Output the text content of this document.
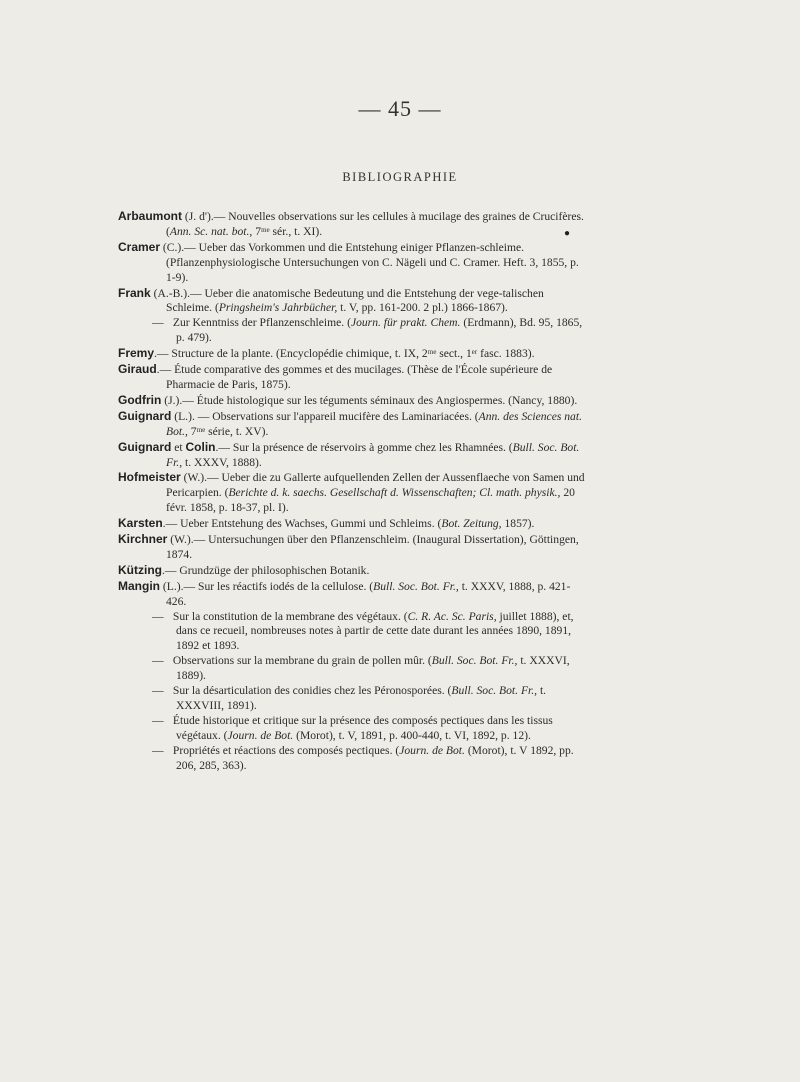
— 45 —
BIBLIOGRAPHIE
●

Arbaumont (J. d').— Nouvelles observations sur les cellules à mucilage des graines de Crucifères. (Ann. Sc. nat. bot., 7ᵐᵉ sér., t. XI).

Cramer (C.).— Ueber das Vorkommen und die Entstehung einiger Pflanzen-schleime. (Pflanzenphysiologische Untersuchungen von C. Nägeli und C. Cramer. Heft. 3, 1855, p. 1-9).

Frank (A.-B.).— Ueber die anatomische Bedeutung und die Entstehung der vege-talischen Schleime. (Pringsheim's Jahrbücher, t. V, pp. 161-200. 2 pl.) 1866-1867).

— Zur Kenntniss der Pflanzenschleime. (Journ. für prakt. Chem. (Erdmann), Bd. 95, 1865, p. 479).

Fremy.— Structure de la plante. (Encyclopédie chimique, t. IX, 2ᵐᵉ sect., 1ᵉʳ fasc. 1883).

Giraud.— Étude comparative des gommes et des mucilages. (Thèse de l'École supérieure de Pharmacie de Paris, 1875).

Godfrin (J.).— Étude histologique sur les téguments séminaux des Angiospermes. (Nancy, 1880).

Guignard (L.). — Observations sur l'appareil mucifère des Laminariacées. (Ann. des Sciences nat. Bot., 7ᵐᵉ série, t. XV).

Guignard et Colin.— Sur la présence de réservoirs à gomme chez les Rhamnées. (Bull. Soc. Bot. Fr., t. XXXV, 1888).

Hofmeister (W.).— Ueber die zu Gallerte aufquellenden Zellen der Aussenflaeche von Samen und Pericarpien. (Berichte d. k. saechs. Gesellschaft d. Wissenschaften; Cl. math. physik., 20 févr. 1858, p. 18-37, pl. I).

Karsten.— Ueber Entstehung des Wachses, Gummi und Schleims. (Bot. Zeitung, 1857).

Kirchner (W.).— Untersuchungen über den Pflanzenschleim. (Inaugural Dissertation), Göttingen, 1874.

Kützing.— Grundzüge der philosophischen Botanik.

Mangin (L.).— Sur les réactifs iodés de la cellulose. (Bull. Soc. Bot. Fr., t. XXXV, 1888, p. 421-426.

— Sur la constitution de la membrane des végétaux. (C. R. Ac. Sc. Paris, juillet 1888), et, dans ce recueil, nombreuses notes à partir de cette date durant les années 1890, 1891, 1892 et 1893.

— Observations sur la membrane du grain de pollen mûr. (Bull. Soc. Bot. Fr., t. XXXVI, 1889).

— Sur la désarticulation des conidies chez les Péronosporées. (Bull. Soc. Bot. Fr., t. XXXVIII, 1891).

— Étude historique et critique sur la présence des composés pectiques dans les tissus végétaux. (Journ. de Bot. (Morot), t. V, 1891, p. 400-440, t. VI, 1892, p. 12).

— Propriétés et réactions des composés pectiques. (Journ. de Bot. (Morot), t. V 1892, pp. 206, 285, 363).
